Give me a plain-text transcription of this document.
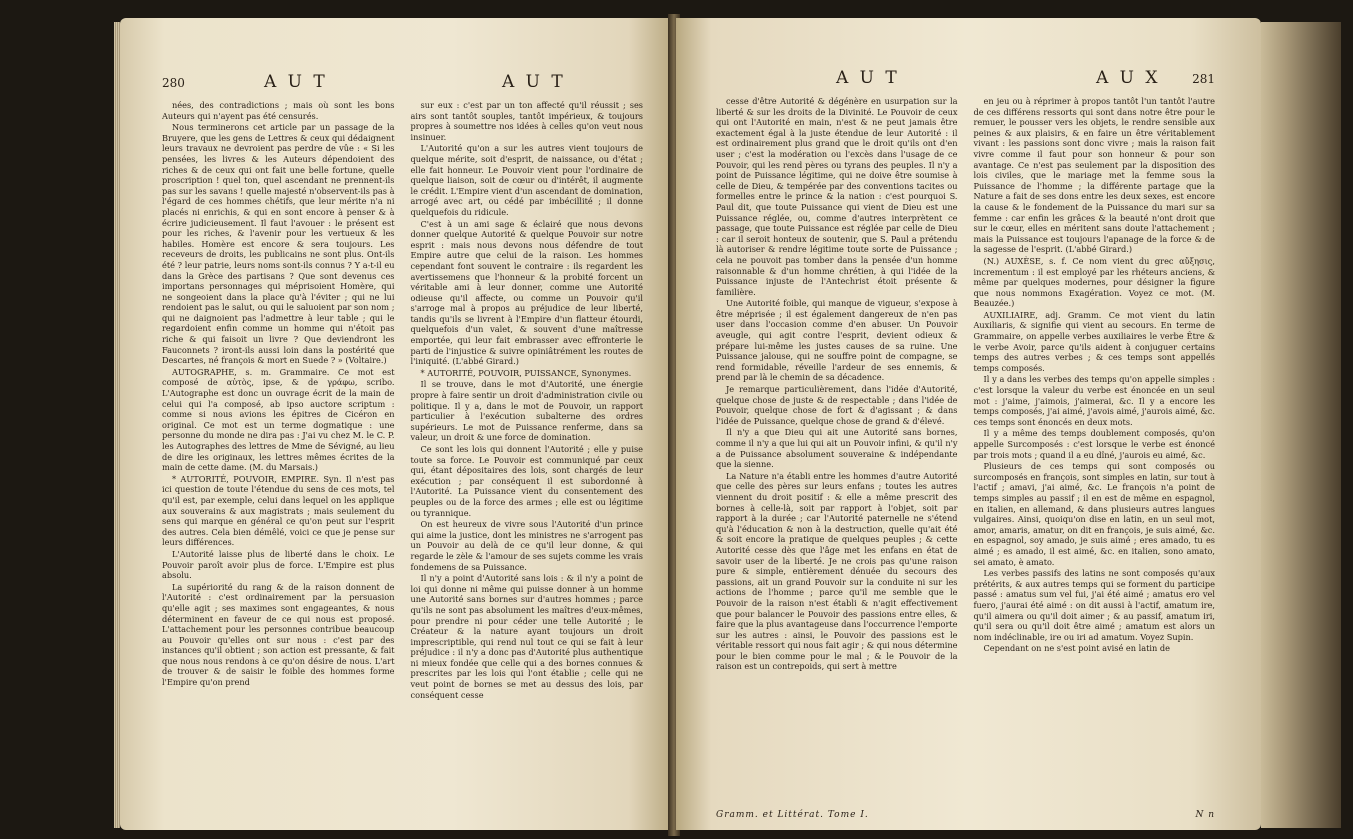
280	A U T	A U T

nées, des contradictions ; mais où sont les bons Auteurs qui n'ayent pas été censurés.

Nous terminerons cet article par un passage de la Bruyere, que les gens de Lettres & ceux qui dédaignent leurs travaux ne devroient pas perdre de vûe : « Si les pensées, les livres & les Auteurs dépendoient des riches & de ceux qui ont fait une belle fortune, quelle proscription ! quel ton, quel ascendant ne prennent-ils pas sur les savans ! quelle majesté n'observent-ils pas à l'égard de ces hommes chétifs, que leur mérite n'a ni placés ni enrichis, & qui en sont encore à penser & à écrire judicieusement. Il faut l'avouer : le présent est pour les riches, & l'avenir pour les vertueux & les habiles. Homère est encore & sera toujours. Les receveurs de droits, les publicains ne sont plus. Ont-ils été ? leur patrie, leurs noms sont-ils connus ? Y a-t-il eu dans la Grèce des partisans ? Que sont devenus ces importans personnages qui méprisoient Homère, qui ne songeoient dans la place qu'à l'éviter ; qui ne lui rendoient pas le salut, ou qui le saluoient par son nom ; qui ne daignoient pas l'admettre à leur table ; qui le regardoient enfin comme un homme qui n'étoit pas riche & qui faisoit un livre ? Que deviendront les Fauconnets ? iront-ils aussi loin dans la postérité que Descartes, né françois & mort en Suede ? » (Voltaire.)

AUTOGRAPHE, s. m. Grammaire. Ce mot est composé de αὐτὸς, ipse, & de γράφω, scribo. L'Autographe est donc un ouvrage écrit de la main de celui qui l'a composé, ab ipso auctore scriptum : comme si nous avions les épitres de Cicéron en original. Ce mot est un terme dogmatique : une personne du monde ne dira pas : J'ai vu chez M. le C. P. les Autographes des lettres de Mme de Sévigné, au lieu de dire les originaux, les lettres mêmes écrites de la main de cette dame. (M. du Marsais.)

* AUTORITÉ, POUVOIR, EMPIRE. Syn. Il n'est pas ici question de toute l'étendue du sens de ces mots, tel qu'il est, par exemple, celui dans lequel on les applique aux souverains & aux magistrats ; mais seulement du sens qui marque en général ce qu'on peut sur l'esprit des autres. Cela bien démêlé, voici ce que je pense sur leurs différences.

L'Autorité laisse plus de liberté dans le choix. Le Pouvoir paroît avoir plus de force. L'Empire est plus absolu.

La supériorité du rang & de la raison donnent de l'Autorité : c'est ordinairement par la persuasion qu'elle agit ; ses maximes sont engageantes, & nous déterminent en faveur de ce qui nous est proposé. L'attachement pour les personnes contribue beaucoup au Pouvoir qu'elles ont sur nous : c'est par des instances qu'il obtient ; son action est pressante, & fait que nous nous rendons à ce qu'on désire de nous. L'art de trouver & de saisir le foible des hommes forme l'Empire qu'on prend

sur eux : c'est par un ton affecté qu'il réussit ; ses airs sont tantôt souples, tantôt impérieux, & toujours propres à soumettre nos idées à celles qu'on veut nous insinuer.

L'Autorité qu'on a sur les autres vient toujours de quelque mérite, soit d'esprit, de naissance, ou d'état ; elle fait honneur. Le Pouvoir vient pour l'ordinaire de quelque liaison, soit de cœur ou d'intérêt, il augmente le crédit. L'Empire vient d'un ascendant de domination, arrogé avec art, ou cédé par imbécillité ; il donne quelquefois du ridicule.

C'est à un ami sage & éclairé que nous devons donner quelque Autorité & quelque Pouvoir sur notre esprit : mais nous devons nous défendre de tout Empire autre que celui de la raison. Les hommes cependant font souvent le contraire : ils regardent les avertissemens que l'honneur & la probité forcent un véritable ami à leur donner, comme une Autorité odieuse qu'il affecte, ou comme un Pouvoir qu'il s'arroge mal à propos au préjudice de leur liberté, tandis qu'ils se livrent à l'Empire d'un flatteur étourdi, quelquefois d'un valet, & souvent d'une maîtresse emportée, qui leur fait embrasser avec effronterie le parti de l'injustice & suivre opiniâtrément les routes de l'iniquité. (L'abbé Girard.)

* AUTORITÉ, POUVOIR, PUISSANCE, Synonymes.

Il se trouve, dans le mot d'Autorité, une énergie propre à faire sentir un droit d'administration civile ou politique. Il y a, dans le mot de Pouvoir, un rapport particulier à l'exécution subalterne des ordres supérieurs. Le mot de Puissance renferme, dans sa valeur, un droit & une force de domination.

Ce sont les lois qui donnent l'Autorité ; elle y puise toute sa force. Le Pouvoir est communiqué par ceux qui, étant dépositaires des lois, sont chargés de leur exécution ; par conséquent il est subordonné à l'Autorité. La Puissance vient du consentement des peuples ou de la force des armes ; elle est ou légitime ou tyrannique.

On est heureux de vivre sous l'Autorité d'un prince qui aime la justice, dont les ministres ne s'arrogent pas un Pouvoir au delà de ce qu'il leur donne, & qui regarde le zèle & l'amour de ses sujets comme les vrais fondemens de sa Puissance.

Il n'y a point d'Autorité sans lois : & il n'y a point de loi qui donne ni même qui puisse donner à un homme une Autorité sans bornes sur d'autres hommes ; parce qu'ils ne sont pas absolument les maîtres d'eux-mêmes, pour prendre ni pour céder une telle Autorité ; le Créateur & la nature ayant toujours un droit imprescriptible, qui rend nul tout ce qui se fait à leur préjudice : il n'y a donc pas d'Autorité plus authentique ni mieux fondée que celle qui a des bornes connues & prescrites par les lois qui l'ont établie ; celle qui ne veut point de bornes se met au dessus des lois, par conséquent cesse

A U T	A U X	281

cesse d'être Autorité & dégénère en usurpation sur la liberté & sur les droits de la Divinité. Le Pouvoir de ceux qui ont l'Autorité en main, n'est & ne peut jamais être exactement égal à la juste étendue de leur Autorité : il est ordinairement plus grand que le droit qu'ils ont d'en user ; c'est la modération ou l'excès dans l'usage de ce Pouvoir, qui les rend pères ou tyrans des peuples. Il n'y a point de Puissance légitime, qui ne doive être soumise à celle de Dieu, & tempérée par des conventions tacites ou formelles entre le prince & la nation : c'est pourquoi S. Paul dit, que toute Puissance qui vient de Dieu est une Puissance réglée, ou, comme d'autres interprètent ce passage, que toute Puissance est réglée par celle de Dieu : car il seroit honteux de soutenir, que S. Paul a prétendu là autoriser & rendre légitime toute sorte de Puissance ; cela ne pouvoit pas tomber dans la pensée d'un homme raisonnable & d'un homme chrétien, à qui l'idée de la Puissance injuste de l'Antechrist étoit présente & familière.

Une Autorité foible, qui manque de vigueur, s'expose à être méprisée ; il est également dangereux de n'en pas user dans l'occasion comme d'en abuser. Un Pouvoir aveugle, qui agit contre l'esprit, devient odieux & prépare lui-même les justes causes de sa ruine. Une Puissance jalouse, qui ne souffre point de compagne, se rend formidable, réveille l'ardeur de ses ennemis, & prend par là le chemin de sa décadence.

Je remarque particulièrement, dans l'idée d'Autorité, quelque chose de juste & de respectable ; dans l'idée de Pouvoir, quelque chose de fort & d'agissant ; & dans l'idée de Puissance, quelque chose de grand & d'élevé.

Il n'y a que Dieu qui ait une Autorité sans bornes, comme il n'y a que lui qui ait un Pouvoir infini, & qu'il n'y a de Puissance absolument souveraine & indépendante que la sienne.

La Nature n'a établi entre les hommes d'autre Autorité que celle des pères sur leurs enfans ; toutes les autres viennent du droit positif : & elle a même prescrit des bornes à celle-là, soit par rapport à l'objet, soit par rapport à la durée ; car l'Autorité paternelle ne s'étend qu'à l'éducation & non à la destruction, quelle qu'ait été & soit encore la pratique de quelques peuples ; & cette Autorité cesse dès que l'âge met les enfans en état de savoir user de la liberté. Je ne crois pas qu'une raison pure & simple, entièrement dénuée du secours des passions, ait un grand Pouvoir sur la conduite ni sur les actions de l'homme ; parce qu'il me semble que le Pouvoir de la raison n'est établi & n'agit effectivement que pour balancer le Pouvoir des passions entre elles, & faire que la plus avantageuse dans l'occurrence l'emporte sur les autres : ainsi, le Pouvoir des passions est le véritable ressort qui nous fait agir ; & qui nous détermine pour le bien comme pour le mal ; & le Pouvoir de la raison est un contrepoids, qui sert à mettre

en jeu ou à réprimer à propos tantôt l'un tantôt l'autre de ces différens ressorts qui sont dans notre être pour le remuer, le pousser vers les objets, le rendre sensible aux peines & aux plaisirs, & en faire un être véritablement vivant : les passions sont donc vivre ; mais la raison fait vivre comme il faut pour son honneur & pour son avantage. Ce n'est pas seulement par la disposition des lois civiles, que le mariage met la femme sous la Puissance de l'homme ; la différente partage que la Nature a fait de ses dons entre les deux sexes, est encore la cause & le fondement de la Puissance du mari sur sa femme : car enfin les grâces & la beauté n'ont droit que sur le cœur, elles en méritent sans doute l'attachement ; mais la Puissance est toujours l'apanage de la force & de la sagesse de l'esprit. (L'abbé Girard.)

(N.) AUXÈSE, s. f. Ce nom vient du grec αὔξησις, incrementum : il est employé par les rhéteurs anciens, & même par quelques modernes, pour désigner la figure que nous nommons Exagération. Voyez ce mot. (M. Beauzée.)

AUXILIAIRE, adj. Gramm. Ce mot vient du latin Auxiliaris, & signifie qui vient au secours. En terme de Grammaire, on appelle verbes auxiliaires le verbe Être & le verbe Avoir, parce qu'ils aident à conjuguer certains temps des autres verbes ; & ces temps sont appellés temps composés.

Il y a dans les verbes des temps qu'on appelle simples : c'est lorsque la valeur du verbe est énoncée en un seul mot : j'aime, j'aimois, j'aimerai, &c. Il y a encore les temps composés, j'ai aimé, j'avois aimé, j'aurois aimé, &c. ces temps sont énoncés en deux mots.

Il y a même des temps doublement composés, qu'on appelle Surcomposés : c'est lorsque le verbe est énoncé par trois mots ; quand il a eu dîné, j'aurois eu aimé, &c.

Plusieurs de ces temps qui sont composés ou surcomposés en françois, sont simples en latin, sur tout à l'actif ; amavi, j'ai aimé, &c. Le françois n'a point de temps simples au passif ; il en est de même en espagnol, en italien, en allemand, & dans plusieurs autres langues vulgaires. Ainsi, quoiqu'on dise en latin, en un seul mot, amor, amaris, amatur, on dit en françois, je suis aimé, &c. en espagnol, soy amado, je suis aimé ; eres amado, tu es aimé ; es amado, il est aimé, &c. en italien, sono amato, sei amato, è amato.

Les verbes passifs des latins ne sont composés qu'aux prétérits, & aux autres temps qui se forment du participe passé : amatus sum vel fui, j'ai été aimé ; amatus ero vel fuero, j'aurai été aimé : on dit aussi à l'actif, amatum ire, qu'il aimera ou qu'il doit aimer ; & au passif, amatum iri, qu'il sera ou qu'il doit être aimé ; amatum est alors un nom indéclinable, ire ou iri ad amatum. Voyez Supin.

Cependant on ne s'est point avisé en latin de

Gramm. et Littérat. Tome I.	N n
